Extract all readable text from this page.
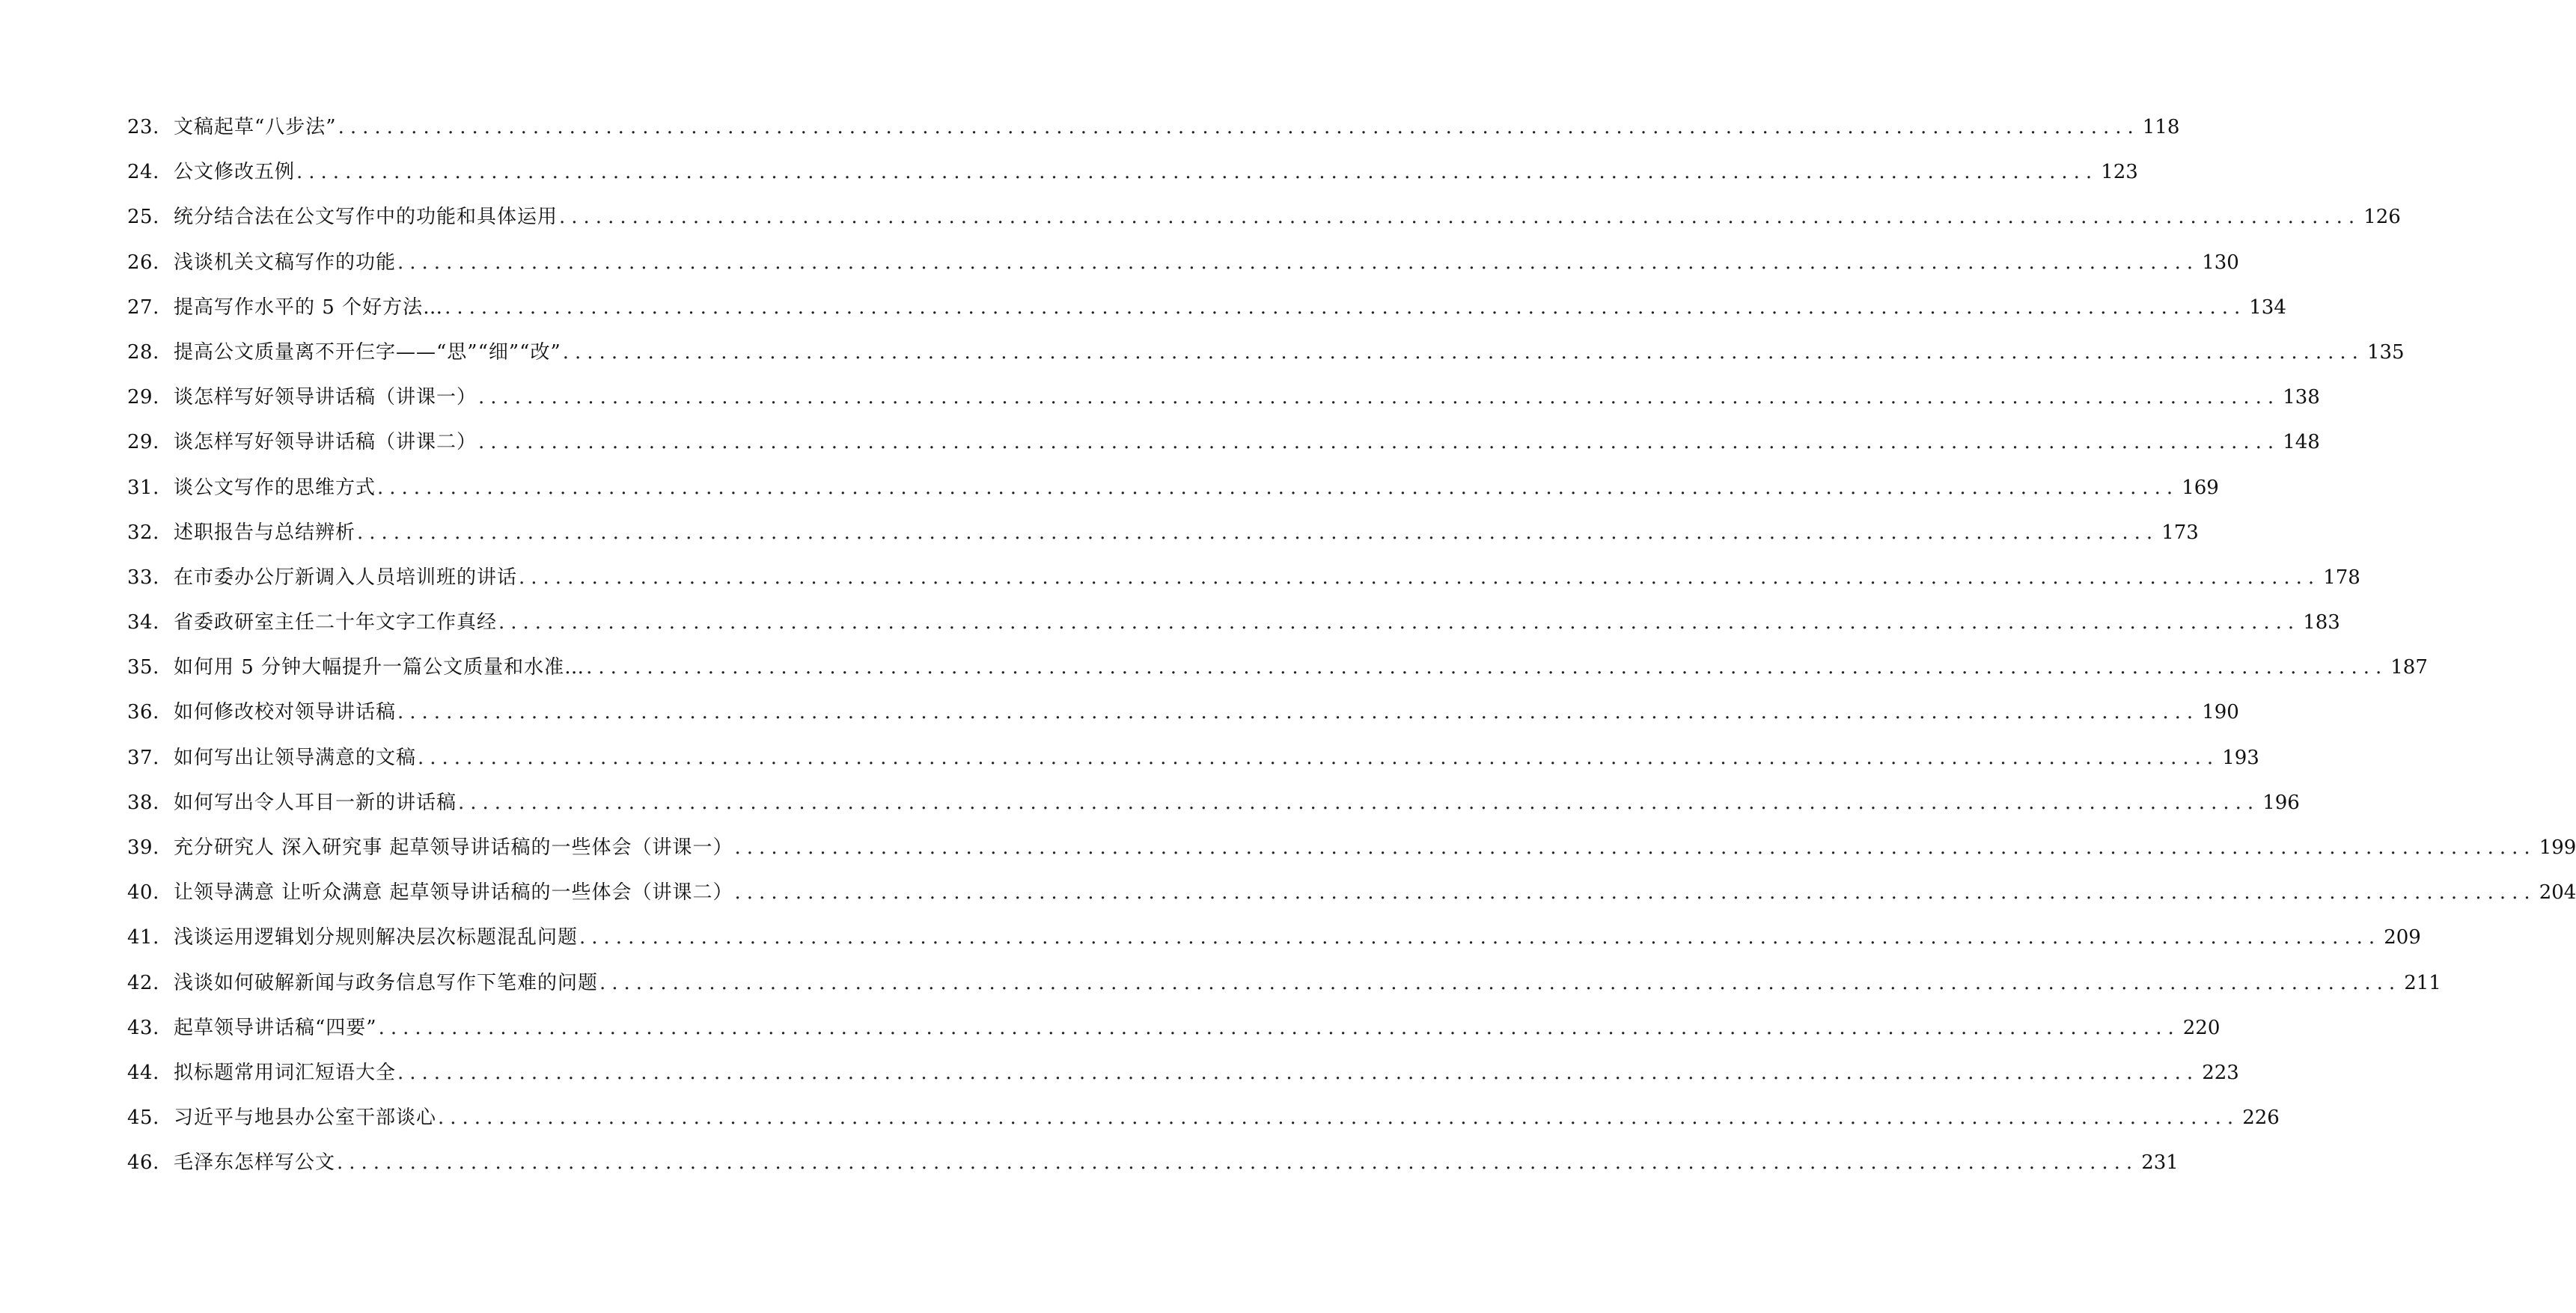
23. 文稿起草“八步法” .....	118
24. 公文修改五例 .....	123
25. 统分结合法在公文写作中的功能和具体运用 .....	126
26. 浅谈机关文稿写作的功能 .....	130
27. 提高写作水平的 5 个好方法… .....	134
28. 提高公文质量离不开仨字——“思”“细”“改” .....	135
29. 谈怎样写好领导讲话稿（讲课一） .....	138
29. 谈怎样写好领导讲话稿（讲课二） .....	148
31. 谈公文写作的思维方式 .....	169
32. 述职报告与总结辨析 .....	173
33. 在市委办公厅新调入人员培训班的讲话 .....	178
34. 省委政研室主任二十年文字工作真经 .....	183
35. 如何用 5 分钟大幅提升一篇公文质量和水准… .....	187
36. 如何修改校对领导讲话稿 .....	190
37. 如何写出让领导满意的文稿 .....	193
38. 如何写出令人耳目一新的讲话稿 .....	196
39. 充分研究人 深入研究事 起草领导讲话稿的一些体会（讲课一） .....	199
40. 让领导满意 让听众满意 起草领导讲话稿的一些体会（讲课二） .....	204
41. 浅谈运用逻辑划分规则解决层次标题混乱问题 .....	209
42. 浅谈如何破解新闻与政务信息写作下笔难的问题 .....	211
43. 起草领导讲话稿“四要” .....	220
44. 拟标题常用词汇短语大全 .....	223
45. 习近平与地县办公室干部谈心 .....	226
46. 毛泽东怎样写公文 .....	231
